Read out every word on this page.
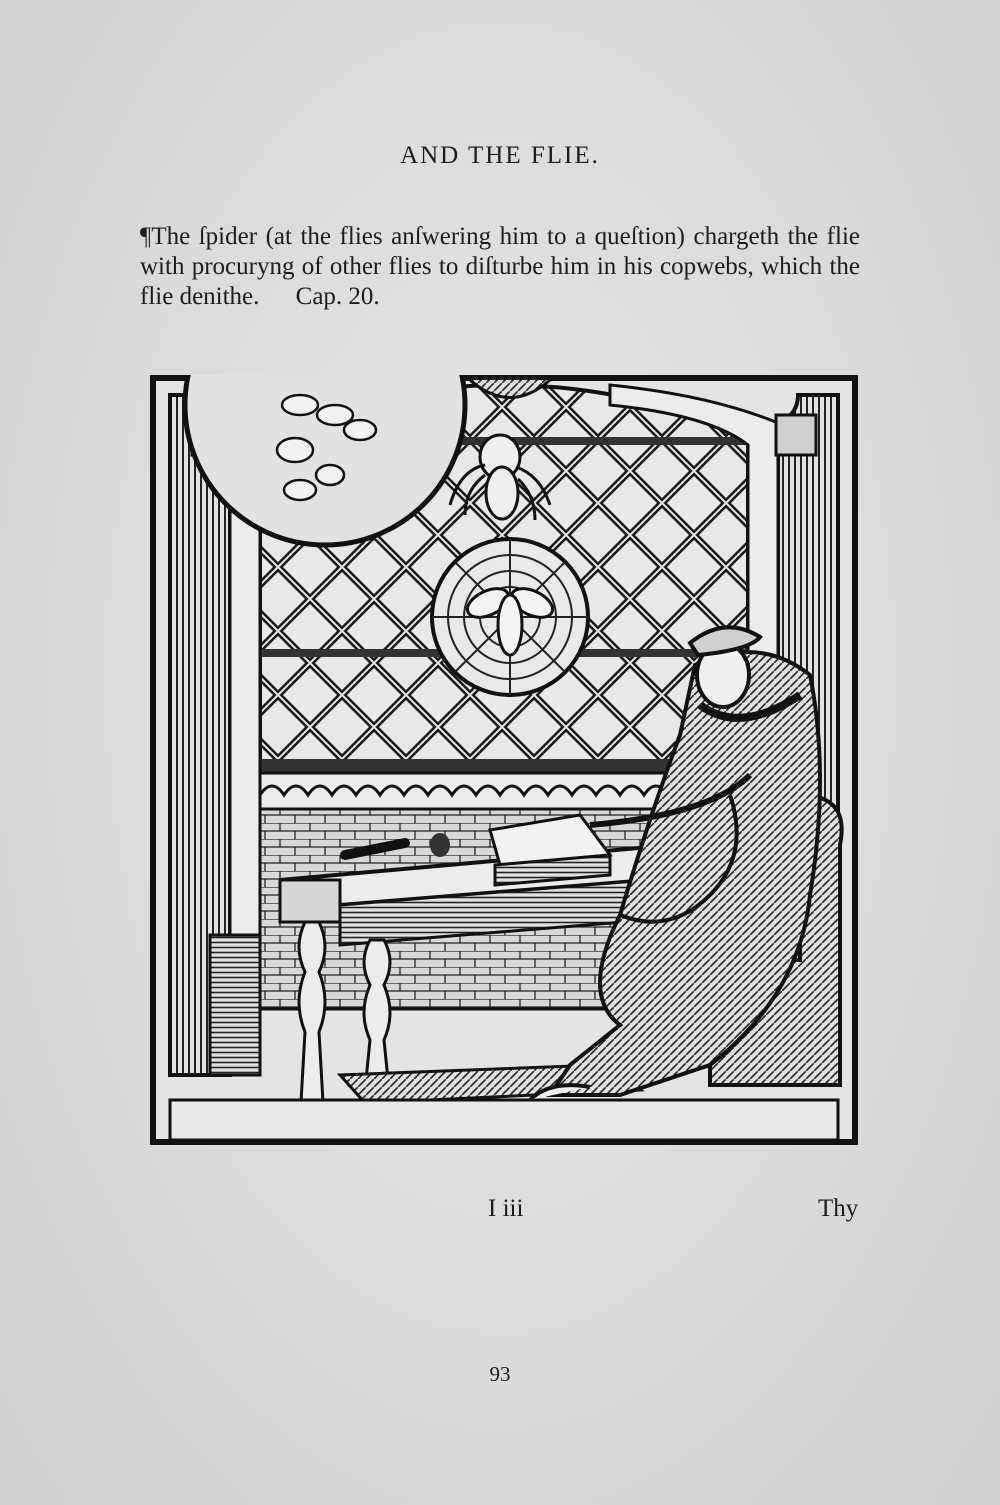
AND THE FLIE.
¶The ſpider (at the flies anſwering him to a queſtion) chargeth the flie with procuryng of other flies to diſturbe him in his copwebs, which the flie denithe. Cap. 20.
I iii	Thy
93
